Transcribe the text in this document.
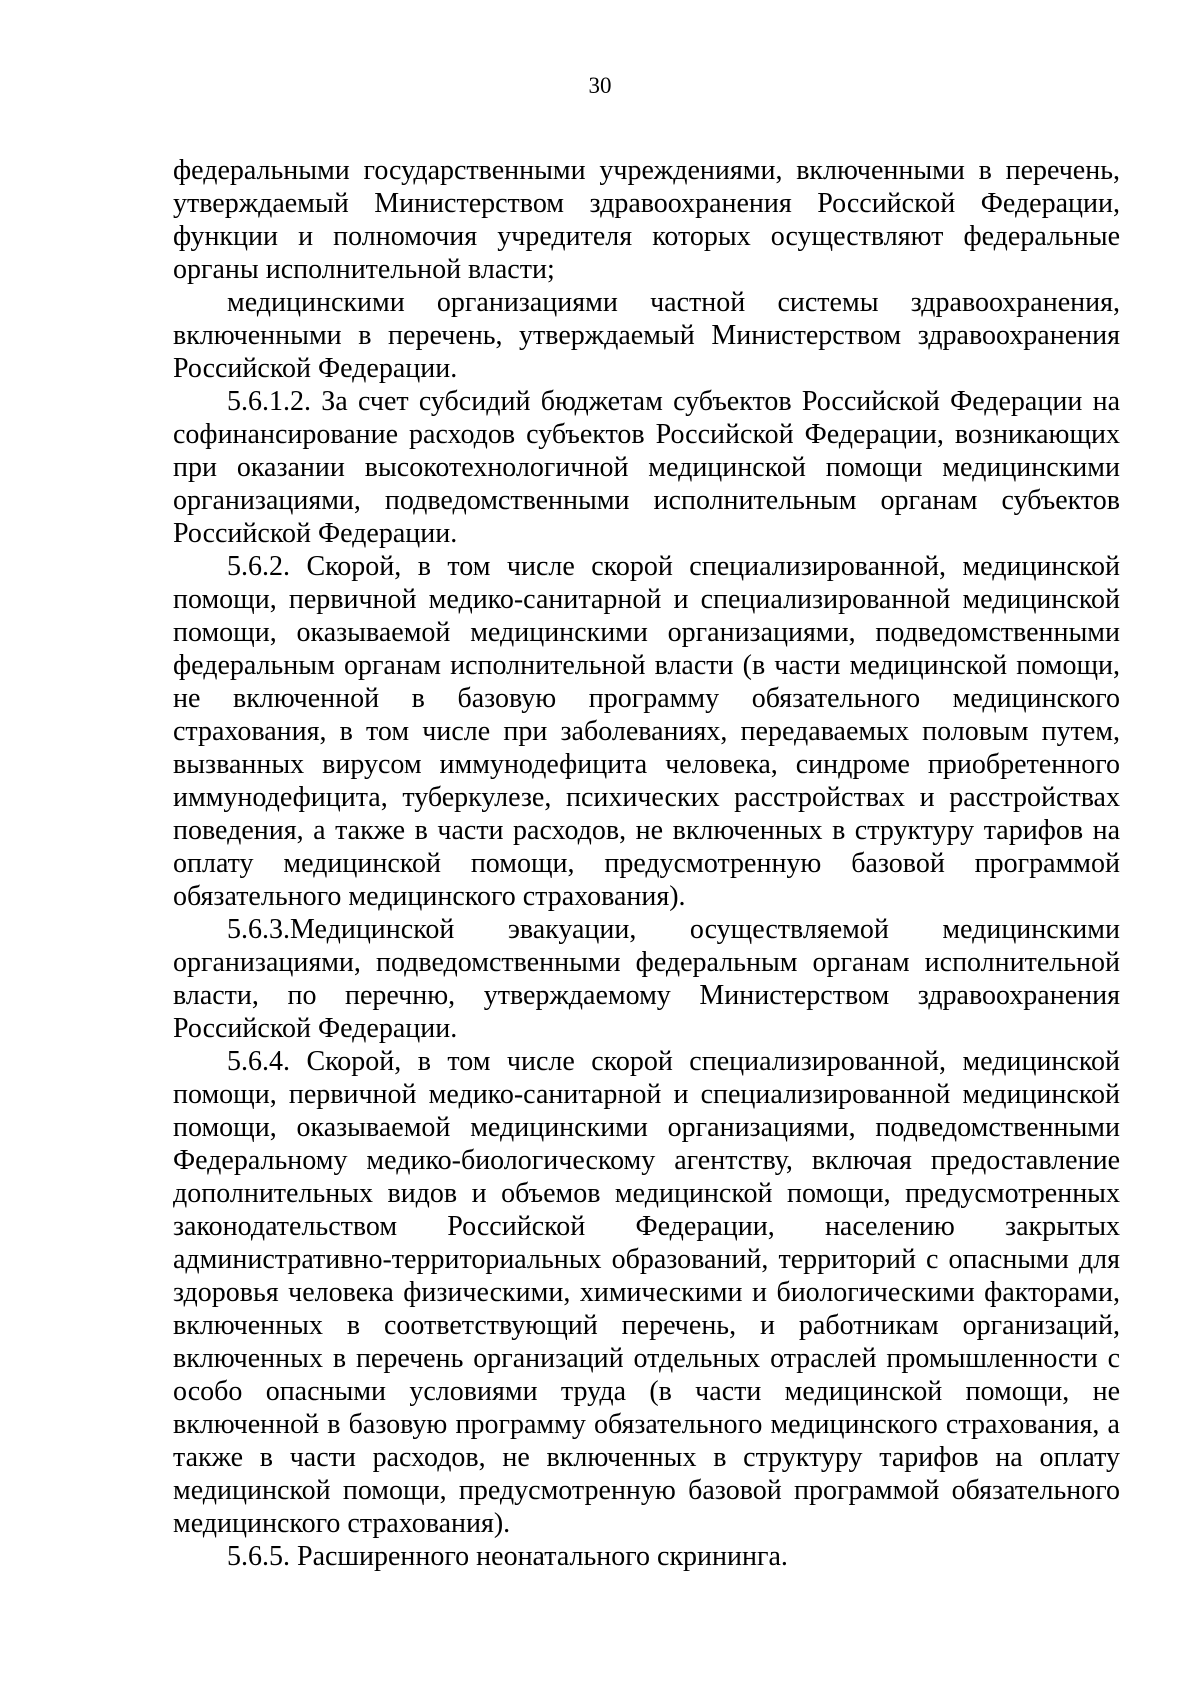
30

федеральными государственными учреждениями, включенными в перечень, утверждаемый Министерством здравоохранения Российской Федерации, функции и полномочия учредителя которых осуществляют федеральные органы исполнительной власти;

медицинскими организациями частной системы здравоохранения, включенными в перечень, утверждаемый Министерством здравоохранения Российской Федерации.

5.6.1.2. За счет субсидий бюджетам субъектов Российской Федерации на софинансирование расходов субъектов Российской Федерации, возникающих при оказании высокотехнологичной медицинской помощи медицинскими организациями, подведомственными исполнительным органам субъектов Российской Федерации.

5.6.2. Скорой, в том числе скорой специализированной, медицинской помощи, первичной медико-санитарной и специализированной медицинской помощи, оказываемой медицинскими организациями, подведомственными федеральным органам исполнительной власти (в части медицинской помощи, не включенной в базовую программу обязательного медицинского страхования, в том числе при заболеваниях, передаваемых половым путем, вызванных вирусом иммунодефицита человека, синдроме приобретенного иммунодефицита, туберкулезе, психических расстройствах и расстройствах поведения, а также в части расходов, не включенных в структуру тарифов на оплату медицинской помощи, предусмотренную базовой программой обязательного медицинского страхования).

5.6.3.Медицинской эвакуации, осуществляемой медицинскими организациями, подведомственными федеральным органам исполнительной власти, по перечню, утверждаемому Министерством здравоохранения Российской Федерации.

5.6.4. Скорой, в том числе скорой специализированной, медицинской помощи, первичной медико-санитарной и специализированной медицинской помощи, оказываемой медицинскими организациями, подведомственными Федеральному медико-биологическому агентству, включая предоставление дополнительных видов и объемов медицинской помощи, предусмотренных законодательством Российской Федерации, населению закрытых административно-территориальных образований, территорий с опасными для здоровья человека физическими, химическими и биологическими факторами, включенных в соответствующий перечень, и работникам организаций, включенных в перечень организаций отдельных отраслей промышленности с особо опасными условиями труда (в части медицинской помощи, не включенной в базовую программу обязательного медицинского страхования, а также в части расходов, не включенных в структуру тарифов на оплату медицинской помощи, предусмотренную базовой программой обязательного медицинского страхования).

5.6.5. Расширенного неонатального скрининга.
